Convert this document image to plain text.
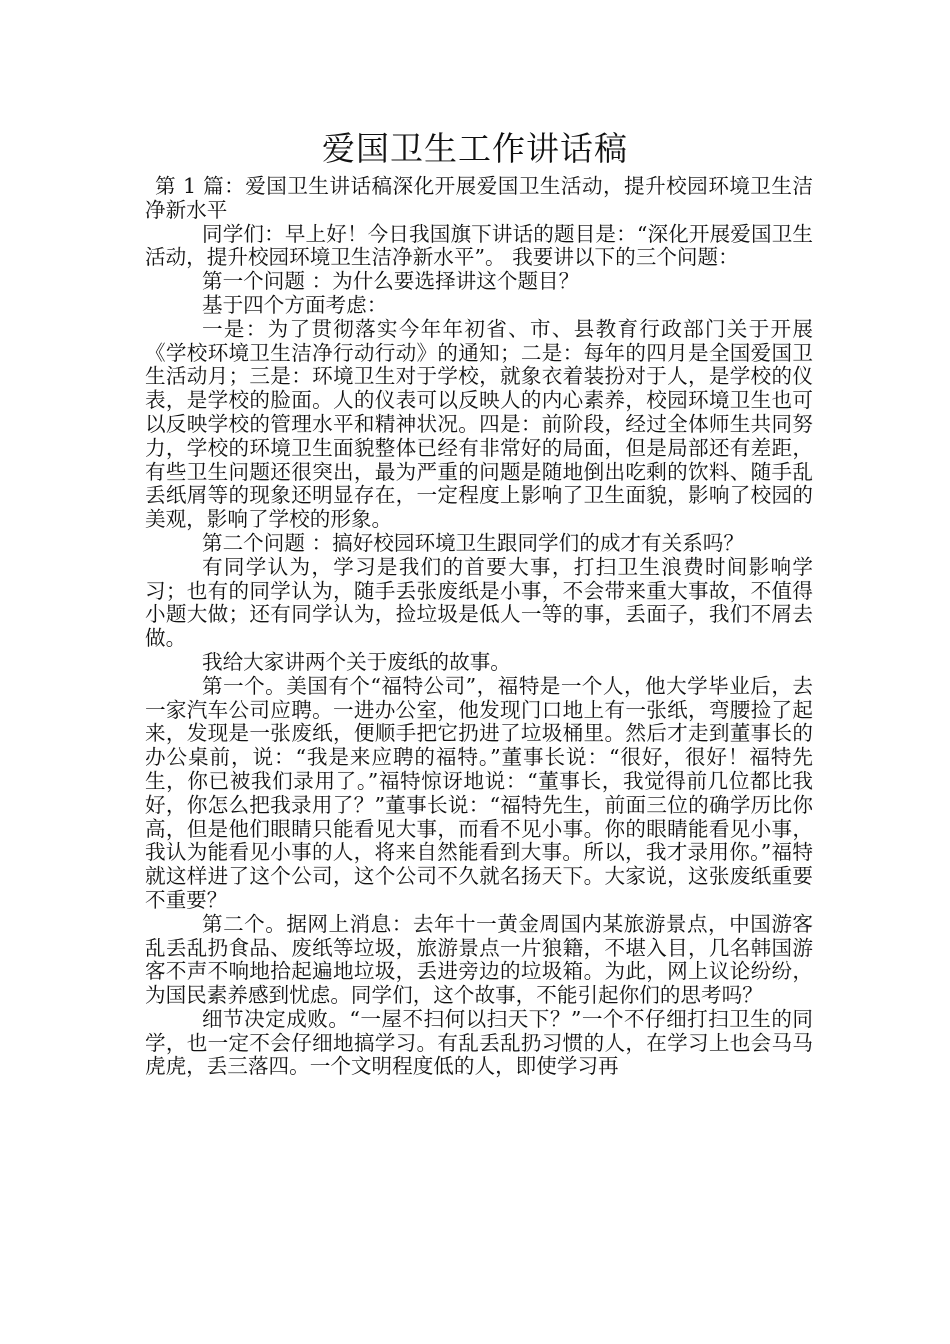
爱国卫生工作讲话稿

第 1 篇：爱国卫生讲话稿深化开展爱国卫生活动，提升校园环境卫生洁净新水平

同学们：早上好！今日我国旗下讲话的题目是：“深化开展爱国卫生活动，提升校园环境卫生洁净新水平”。 我要讲以下的三个问题：

第一个问题 ：为什么要选择讲这个题目？

基于四个方面考虑：

一是：为了贯彻落实今年年初省、市、县教育行政部门关于开展《学校环境卫生洁净行动行动》的通知；二是：每年的四月是全国爱国卫生活动月；三是：环境卫生对于学校，就象衣着装扮对于人，是学校的仪表，是学校的脸面。人的仪表可以反映人的内心素养，校园环境卫生也可以反映学校的管理水平和精神状况。四是：前阶段，经过全体师生共同努力，学校的环境卫生面貌整体已经有非常好的局面，但是局部还有差距，有些卫生问题还很突出，最为严重的问题是随地倒出吃剩的饮料、随手乱丢纸屑等的现象还明显存在，一定程度上影响了卫生面貌，影响了校园的美观，影响了学校的形象。

第二个问题 ：搞好校园环境卫生跟同学们的成才有关系吗？

有同学认为，学习是我们的首要大事，打扫卫生浪费时间影响学习；也有的同学认为，随手丢张废纸是小事，不会带来重大事故，不值得小题大做；还有同学认为，捡垃圾是低人一等的事，丢面子，我们不屑去做。

我给大家讲两个关于废纸的故事。

第一个。美国有个“福特公司”，福特是一个人，他大学毕业后，去一家汽车公司应聘。一进办公室，他发现门口地上有一张纸，弯腰捡了起来，发现是一张废纸，便顺手把它扔进了垃圾桶里。然后才走到董事长的办公桌前，说：“我是来应聘的福特。”董事长说：“很好，很好！福特先生，你已被我们录用了。”福特惊讶地说：“董事长，我觉得前几位都比我好，你怎么把我录用了？”董事长说：“福特先生，前面三位的确学历比你高，但是他们眼睛只能看见大事，而看不见小事。你的眼睛能看见小事，我认为能看见小事的人，将来自然能看到大事。所以，我才录用你。”福特就这样进了这个公司，这个公司不久就名扬天下。大家说，这张废纸重要不重要？

第二个。据网上消息：去年十一黄金周国内某旅游景点，中国游客乱丢乱扔食品、废纸等垃圾，旅游景点一片狼籍，不堪入目，几名韩国游客不声不响地拾起遍地垃圾，丢进旁边的垃圾箱。为此，网上议论纷纷，为国民素养感到忧虑。同学们，这个故事，不能引起你们的思考吗？

细节决定成败。“一屋不扫何以扫天下？”一个不仔细打扫卫生的同学，也一定不会仔细地搞学习。有乱丢乱扔习惯的人，在学习上也会马马虎虎，丢三落四。一个文明程度低的人，即使学习再
